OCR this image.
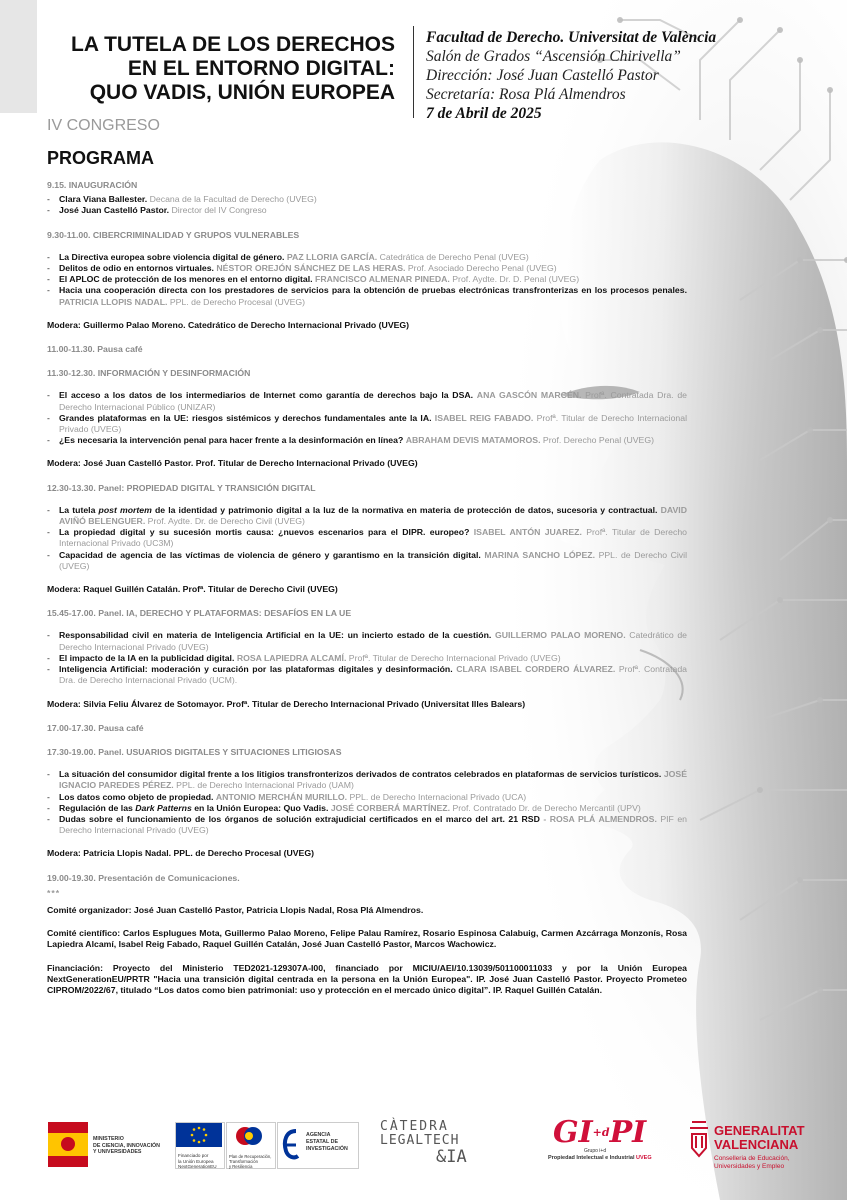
LA TUTELA DE LOS DERECHOS
EN EL ENTORNO DIGITAL:
QUO VADIS, UNIÓN EUROPEA
Facultad de Derecho. Universitat de València
Salón de Grados “Ascensión Chirivella”
Dirección: José Juan Castelló Pastor
Secretaría: Rosa Plá Almendros
7 de Abril de 2025
IV CONGRESO
PROGRAMA

9.15. INAUGURACIÓN

- Clara Viana Ballester. Decana de la Facultad de Derecho (UVEG)
- José Juan Castelló Pastor. Director del IV Congreso

9.30-11.00. CIBERCRIMINALIDAD Y GRUPOS VULNERABLES

- La Directiva europea sobre violencia digital de género. PAZ LLORIA GARCÍA. Catedrática de Derecho Penal (UVEG)
- Delitos de odio en entornos virtuales. NÉSTOR OREJÓN SÁNCHEZ DE LAS HERAS. Prof. Asociado Derecho Penal (UVEG)
- El APLOC de protección de los menores en el entorno digital. FRANCISCO ALMENAR PINEDA. Prof. Aydte. Dr. D. Penal (UVEG)
- Hacia una cooperación directa con los prestadores de servicios para la obtención de pruebas electrónicas transfronterizas en los procesos penales. PATRICIA LLOPIS NADAL. PPL. de Derecho Procesal (UVEG)

Modera: Guillermo Palao Moreno. Catedrático de Derecho Internacional Privado (UVEG)

11.00-11.30. Pausa café

11.30-12.30. INFORMACIÓN Y DESINFORMACIÓN

- El acceso a los datos de los intermediarios de Internet como garantía de derechos bajo la DSA. ANA GASCÓN MARCÉN. Profª. Contratada Dra. de Derecho Internacional Público (UNIZAR)
- Grandes plataformas en la UE: riesgos sistémicos y derechos fundamentales ante la IA. ISABEL REIG FABADO. Profª. Titular de Derecho Internacional Privado (UVEG)
- ¿Es necesaria la intervención penal para hacer frente a la desinformación en línea? ABRAHAM DEVIS MATAMOROS. Prof. Derecho Penal (UVEG)

Modera: José Juan Castelló Pastor. Prof. Titular de Derecho Internacional Privado (UVEG)

12.30-13.30. Panel: PROPIEDAD DIGITAL Y TRANSICIÓN DIGITAL

- La tutela post mortem de la identidad y patrimonio digital a la luz de la normativa en materia de protección de datos, sucesoria y contractual. DAVID AVIÑÓ BELENGUER. Prof. Aydte. Dr. de Derecho Civil (UVEG)
- La propiedad digital y su sucesión mortis causa: ¿nuevos escenarios para el DIPR. europeo? ISABEL ANTÓN JUAREZ. Profª. Titular de Derecho Internacional Privado (UC3M)
- Capacidad de agencia de las víctimas de violencia de género y garantismo en la transición digital. MARINA SANCHO LÓPEZ. PPL. de Derecho Civil (UVEG)

Modera: Raquel Guillén Catalán. Profª. Titular de Derecho Civil (UVEG)

15.45-17.00. Panel. IA, DERECHO Y PLATAFORMAS: DESAFÍOS EN LA UE

- Responsabilidad civil en materia de Inteligencia Artificial en la UE: un incierto estado de la cuestión. GUILLERMO PALAO MORENO. Catedrático de Derecho Internacional Privado (UVEG)
- El impacto de la IA en la publicidad digital. ROSA LAPIEDRA ALCAMÍ. Profª. Titular de Derecho Internacional Privado (UVEG)
- Inteligencia Artificial: moderación y curación por las plataformas digitales y desinformación. CLARA ISABEL CORDERO ÁLVAREZ. Profª. Contratada Dra. de Derecho Internacional Privado (UCM).

Modera: Silvia Feliu Álvarez de Sotomayor. Profª. Titular de Derecho Internacional Privado (Universitat Illes Balears)

17.00-17.30. Pausa café

17.30-19.00. Panel. USUARIOS DIGITALES Y SITUACIONES LITIGIOSAS

- La situación del consumidor digital frente a los litigios transfronterizos derivados de contratos celebrados en plataformas de servicios turísticos. JOSÉ IGNACIO PAREDES PÉREZ. PPL. de Derecho Internacional Privado (UAM)
- Los datos como objeto de propiedad. ANTONIO MERCHÁN MURILLO. PPL. de Derecho Internacional Privado (UCA)
- Regulación de las Dark Patterns en la Unión Europea: Quo Vadis. JOSÉ CORBERÁ MARTÍNEZ. Prof. Contratado Dr. de Derecho Mercantil (UPV)
- Dudas sobre el funcionamiento de los órganos de solución extrajudicial certificados en el marco del art. 21 RSD - ROSA PLÁ ALMENDROS. PIF en Derecho Internacional Privado (UVEG)

Modera: Patricia Llopis Nadal. PPL. de Derecho Procesal (UVEG)

19.00-19.30. Presentación de Comunicaciones.

***

Comité organizador: José Juan Castelló Pastor, Patricia Llopis Nadal, Rosa Plá Almendros.

Comité científico: Carlos Esplugues Mota, Guillermo Palao Moreno, Felipe Palau Ramírez, Rosario Espinosa Calabuig, Carmen Azcárraga Monzonís, Rosa Lapiedra Alcamí, Isabel Reig Fabado, Raquel Guillén Catalán, José Juan Castelló Pastor, Marcos Wachowicz.

Financiación: Proyecto del Ministerio TED2021-129307A-I00, financiado por MICIU/AEI/10.13039/501100011033 y por la Unión Europea NextGenerationEU/PRTR "Hacia una transición digital centrada en la persona en la Unión Europea". IP. José Juan Castelló Pastor. Proyecto Prometeo CIPROM/2022/67, titulado “Los datos como bien patrimonial: uso y protección en el mercado único digital”. IP. Raquel Guillén Catalán.

MINISTERIO
DE CIENCIA, INNOVACIÓN
Y UNIVERSIDADES
Financiado por
la Unión Europea
NextGenerationEU
Plan de Recuperación,
Transformación
y Resiliencia
AGENCIA
ESTATAL DE
INVESTIGACIÓN
CÀTEDRA
LEGALTECH
&IA
$GI^{+d}PI$
Grupo i+d
Propiedad Intelectual e Industrial UVEG
GENERALITAT
VALENCIANA
Conselleria de Educación,
Universidades y Empleo
